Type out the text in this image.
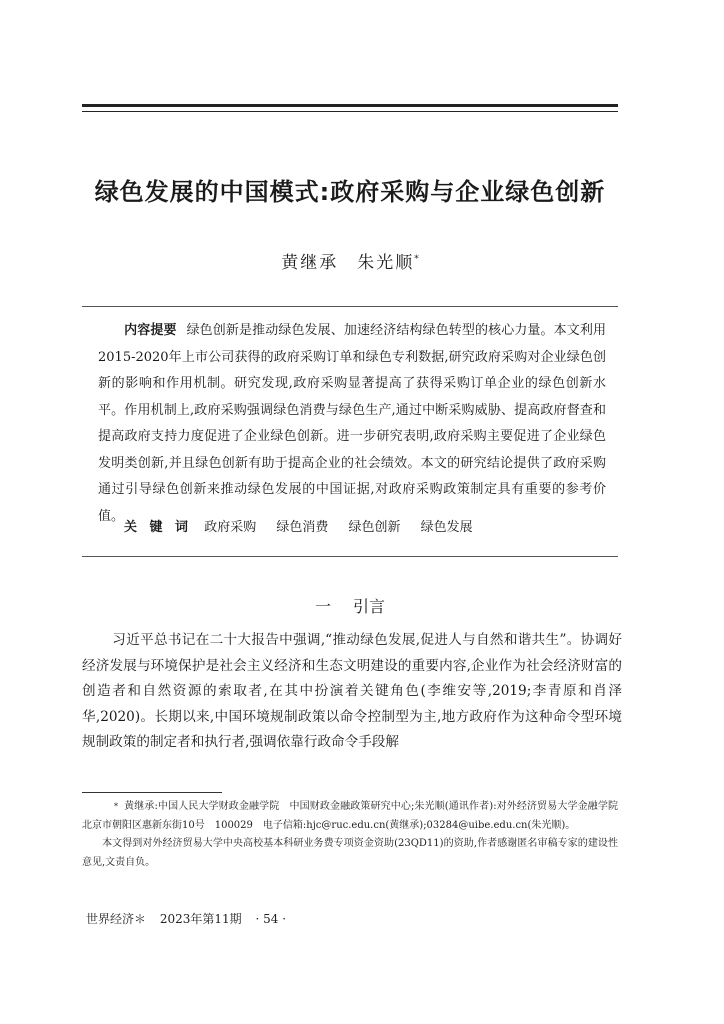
绿色发展的中国模式:政府采购与企业绿色创新
黄继承　朱光顺*
内容提要 绿色创新是推动绿色发展、加速经济结构绿色转型的核心力量。本文利用2015-2020年上市公司获得的政府采购订单和绿色专利数据,研究政府采购对企业绿色创新的影响和作用机制。研究发现,政府采购显著提高了获得采购订单企业的绿色创新水平。作用机制上,政府采购强调绿色消费与绿色生产,通过中断采购威胁、提高政府督查和提高政府支持力度促进了企业绿色创新。进一步研究表明,政府采购主要促进了企业绿色发明类创新,并且绿色创新有助于提高企业的社会绩效。本文的研究结论提供了政府采购通过引导绿色创新来推动绿色发展的中国证据,对政府采购政策制定具有重要的参考价值。
关 键 词 政府采购 绿色消费 绿色创新 绿色发展
一 引言
习近平总书记在二十大报告中强调,“推动绿色发展,促进人与自然和谐共生”。协调好经济发展与环境保护是社会主义经济和生态文明建设的重要内容,企业作为社会经济财富的创造者和自然资源的索取者,在其中扮演着关键角色(李维安等,2019;李青原和肖泽华,2020)。长期以来,中国环境规制政策以命令控制型为主,地方政府作为这种命令型环境规制政策的制定者和执行者,强调依靠行政命令手段解
* 黄继承:中国人民大学财政金融学院　中国财政金融政策研究中心;朱光顺(通讯作者):对外经济贸易大学金融学院　北京市朝阳区惠新东街10号　100029　电子信箱:hjc@ruc.edu.cn(黄继承);03284@uibe.edu.cn(朱光顺)。
本文得到对外经济贸易大学中央高校基本科研业务费专项资金资助(23QD11)的资助,作者感谢匿名审稿专家的建设性意见,文责自负。
世界经济＊ 2023年第11期 · 54 ·
